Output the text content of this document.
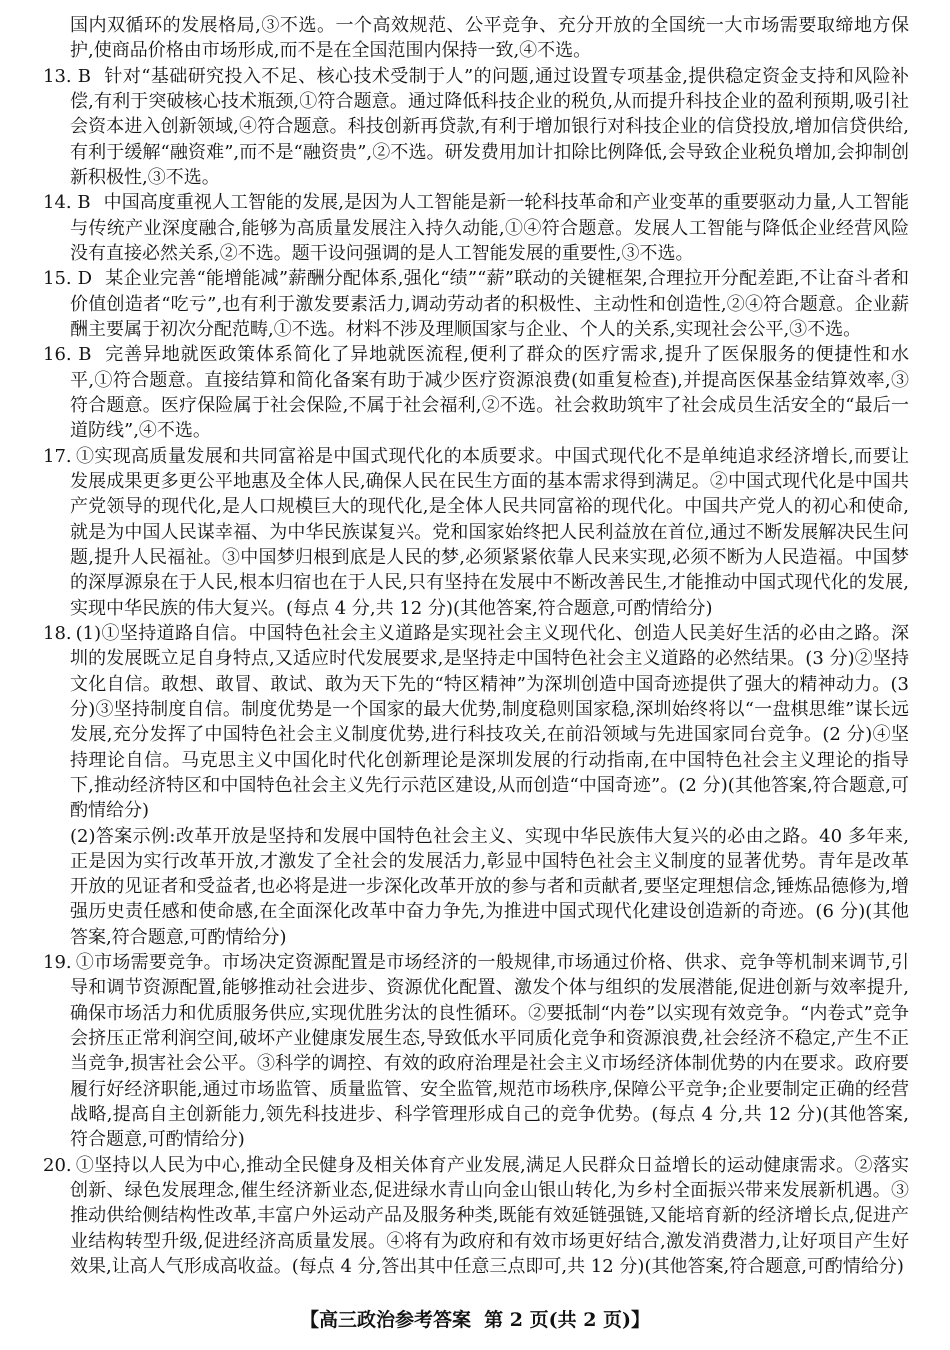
国内双循环的发展格局,③不选。一个高效规范、公平竞争、充分开放的全国统一大市场需要取缔地方保护,使商品价格由市场形成,而不是在全国范围内保持一致,④不选。

13. B 针对“基础研究投入不足、核心技术受制于人”的问题,通过设置专项基金,提供稳定资金支持和风险补偿,有利于突破核心技术瓶颈,①符合题意。通过降低科技企业的税负,从而提升科技企业的盈利预期,吸引社会资本进入创新领域,④符合题意。科技创新再贷款,有利于增加银行对科技企业的信贷投放,增加信贷供给,有利于缓解“融资难”,而不是“融资贵”,②不选。研发费用加计扣除比例降低,会导致企业税负增加,会抑制创新积极性,③不选。

14. B 中国高度重视人工智能的发展,是因为人工智能是新一轮科技革命和产业变革的重要驱动力量,人工智能与传统产业深度融合,能够为高质量发展注入持久动能,①④符合题意。发展人工智能与降低企业经营风险没有直接必然关系,②不选。题干设问强调的是人工智能发展的重要性,③不选。

15. D 某企业完善“能增能减”薪酬分配体系,强化“绩”“薪”联动的关键框架,合理拉开分配差距,不让奋斗者和价值创造者“吃亏”,也有利于激发要素活力,调动劳动者的积极性、主动性和创造性,②④符合题意。企业薪酬主要属于初次分配范畴,①不选。材料不涉及理顺国家与企业、个人的关系,实现社会公平,③不选。

16. B 完善异地就医政策体系简化了异地就医流程,便利了群众的医疗需求,提升了医保服务的便捷性和水平,①符合题意。直接结算和简化备案有助于减少医疗资源浪费(如重复检查),并提高医保基金结算效率,③符合题意。医疗保险属于社会保险,不属于社会福利,②不选。社会救助筑牢了社会成员生活安全的“最后一道防线”,④不选。

17. ①实现高质量发展和共同富裕是中国式现代化的本质要求。中国式现代化不是单纯追求经济增长,而要让发展成果更多更公平地惠及全体人民,确保人民在民生方面的基本需求得到满足。②中国式现代化是中国共产党领导的现代化,是人口规模巨大的现代化,是全体人民共同富裕的现代化。中国共产党人的初心和使命,就是为中国人民谋幸福、为中华民族谋复兴。党和国家始终把人民利益放在首位,通过不断发展解决民生问题,提升人民福祉。③中国梦归根到底是人民的梦,必须紧紧依靠人民来实现,必须不断为人民造福。中国梦的深厚源泉在于人民,根本归宿也在于人民,只有坚持在发展中不断改善民生,才能推动中国式现代化的发展,实现中华民族的伟大复兴。(每点 4 分,共 12 分)(其他答案,符合题意,可酌情给分)

18. (1)①坚持道路自信。中国特色社会主义道路是实现社会主义现代化、创造人民美好生活的必由之路。深圳的发展既立足自身特点,又适应时代发展要求,是坚持走中国特色社会主义道路的必然结果。(3 分)②坚持文化自信。敢想、敢冒、敢试、敢为天下先的“特区精神”为深圳创造中国奇迹提供了强大的精神动力。(3 分)③坚持制度自信。制度优势是一个国家的最大优势,制度稳则国家稳,深圳始终将以“一盘棋思维”谋长远发展,充分发挥了中国特色社会主义制度优势,进行科技攻关,在前沿领域与先进国家同台竞争。(2 分)④坚持理论自信。马克思主义中国化时代化创新理论是深圳发展的行动指南,在中国特色社会主义理论的指导下,推动经济特区和中国特色社会主义先行示范区建设,从而创造“中国奇迹”。(2 分)(其他答案,符合题意,可酌情给分)

(2)答案示例:改革开放是坚持和发展中国特色社会主义、实现中华民族伟大复兴的必由之路。40 多年来,正是因为实行改革开放,才激发了全社会的发展活力,彰显中国特色社会主义制度的显著优势。青年是改革开放的见证者和受益者,也必将是进一步深化改革开放的参与者和贡献者,要坚定理想信念,锤炼品德修为,增强历史责任感和使命感,在全面深化改革中奋力争先,为推进中国式现代化建设创造新的奇迹。(6 分)(其他答案,符合题意,可酌情给分)

19. ①市场需要竞争。市场决定资源配置是市场经济的一般规律,市场通过价格、供求、竞争等机制来调节,引导和调节资源配置,能够推动社会进步、资源优化配置、激发个体与组织的发展潜能,促进创新与效率提升,确保市场活力和优质服务供应,实现优胜劣汰的良性循环。②要抵制“内卷”以实现有效竞争。“内卷式”竞争会挤压正常利润空间,破坏产业健康发展生态,导致低水平同质化竞争和资源浪费,社会经济不稳定,产生不正当竞争,损害社会公平。③科学的调控、有效的政府治理是社会主义市场经济体制优势的内在要求。政府要履行好经济职能,通过市场监管、质量监管、安全监管,规范市场秩序,保障公平竞争;企业要制定正确的经营战略,提高自主创新能力,领先科技进步、科学管理形成自己的竞争优势。(每点 4 分,共 12 分)(其他答案,符合题意,可酌情给分)

20. ①坚持以人民为中心,推动全民健身及相关体育产业发展,满足人民群众日益增长的运动健康需求。②落实创新、绿色发展理念,催生经济新业态,促进绿水青山向金山银山转化,为乡村全面振兴带来发展新机遇。③推动供给侧结构性改革,丰富户外运动产品及服务种类,既能有效延链强链,又能培育新的经济增长点,促进产业结构转型升级,促进经济高质量发展。④将有为政府和有效市场更好结合,激发消费潜力,让好项目产生好效果,让高人气形成高收益。(每点 4 分,答出其中任意三点即可,共 12 分)(其他答案,符合题意,可酌情给分)

【高三政治参考答案  第 2 页(共 2 页)】
